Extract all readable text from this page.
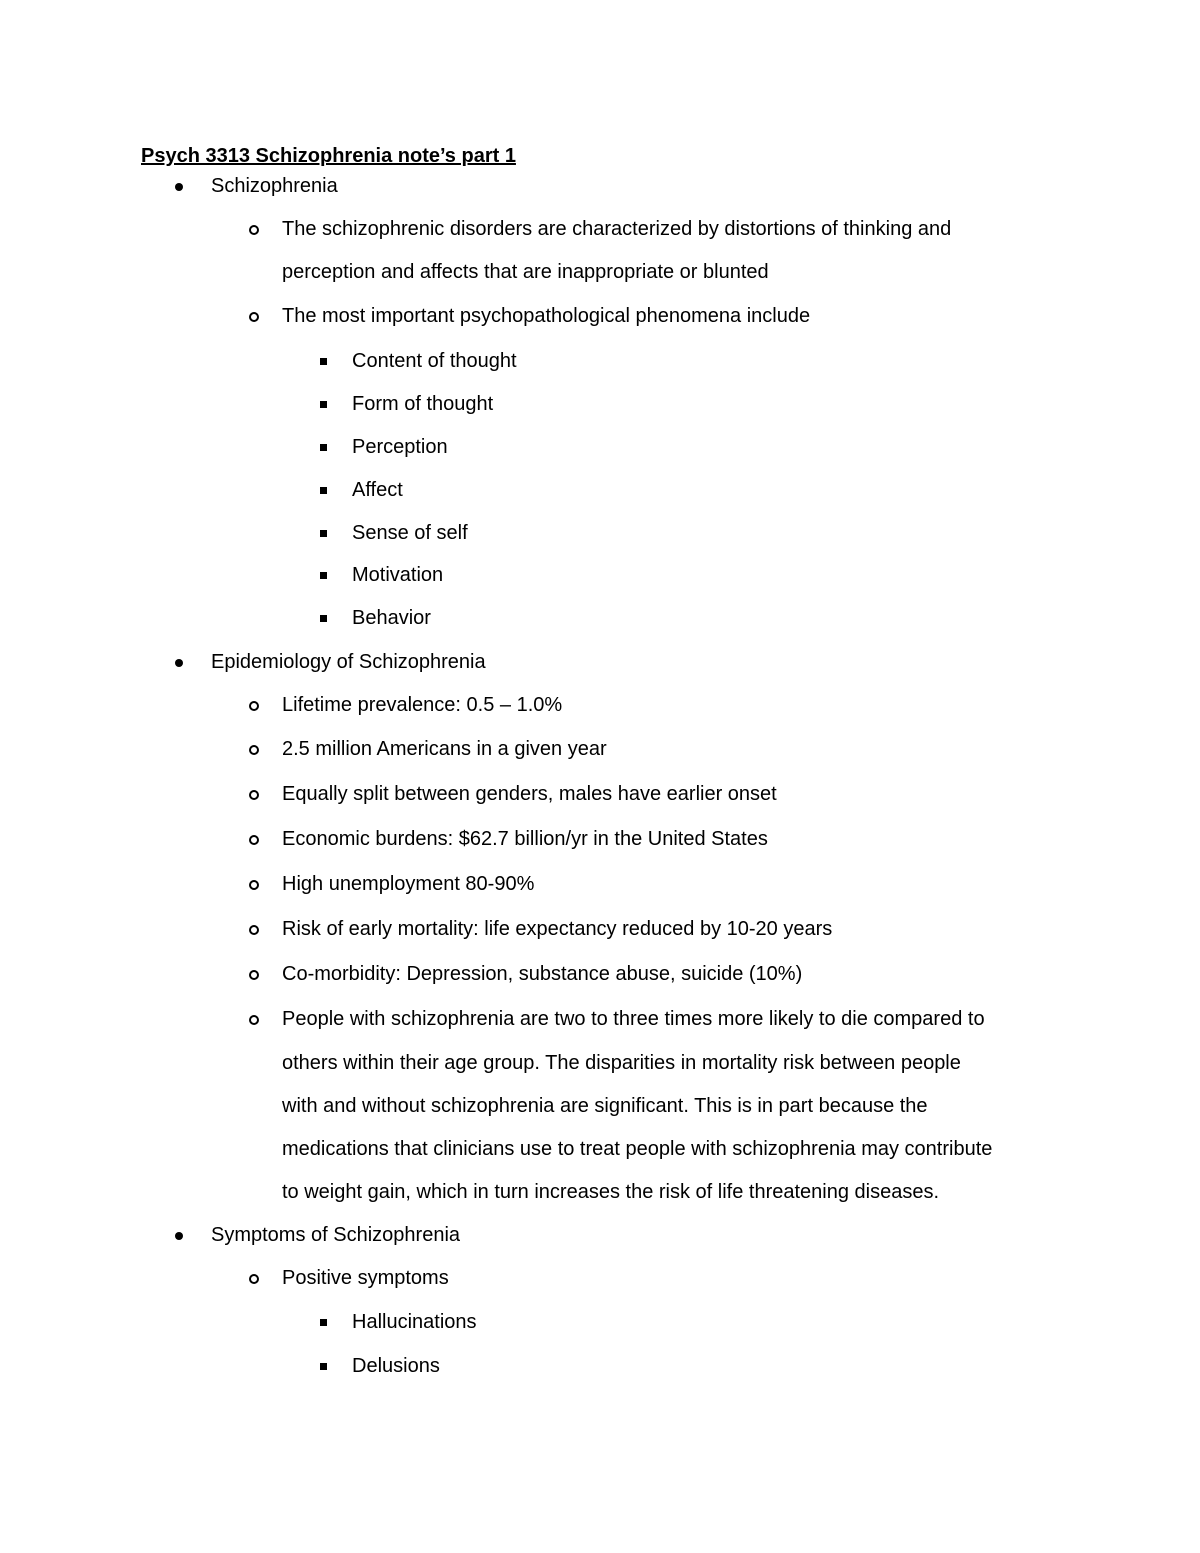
Psych 3313 Schizophrenia note’s part 1
Schizophrenia
The schizophrenic disorders are characterized by distortions of thinking and
perception and affects that are inappropriate or blunted
The most important psychopathological phenomena include
Content of thought
Form of thought
Perception
Affect
Sense of self
Motivation
Behavior
Epidemiology of Schizophrenia
Lifetime prevalence: 0.5 – 1.0%
2.5 million Americans in a given year
Equally split between genders, males have earlier onset
Economic burdens: $62.7 billion/yr in the United States
High unemployment 80-90%
Risk of early mortality: life expectancy reduced by 10-20 years
Co-morbidity: Depression, substance abuse, suicide (10%)
People with schizophrenia are two to three times more likely to die compared to
others within their age group. The disparities in mortality risk between people
with and without schizophrenia are significant. This is in part because the
medications that clinicians use to treat people with schizophrenia may contribute
to weight gain, which in turn increases the risk of life threatening diseases.
Symptoms of Schizophrenia
Positive symptoms
Hallucinations
Delusions
